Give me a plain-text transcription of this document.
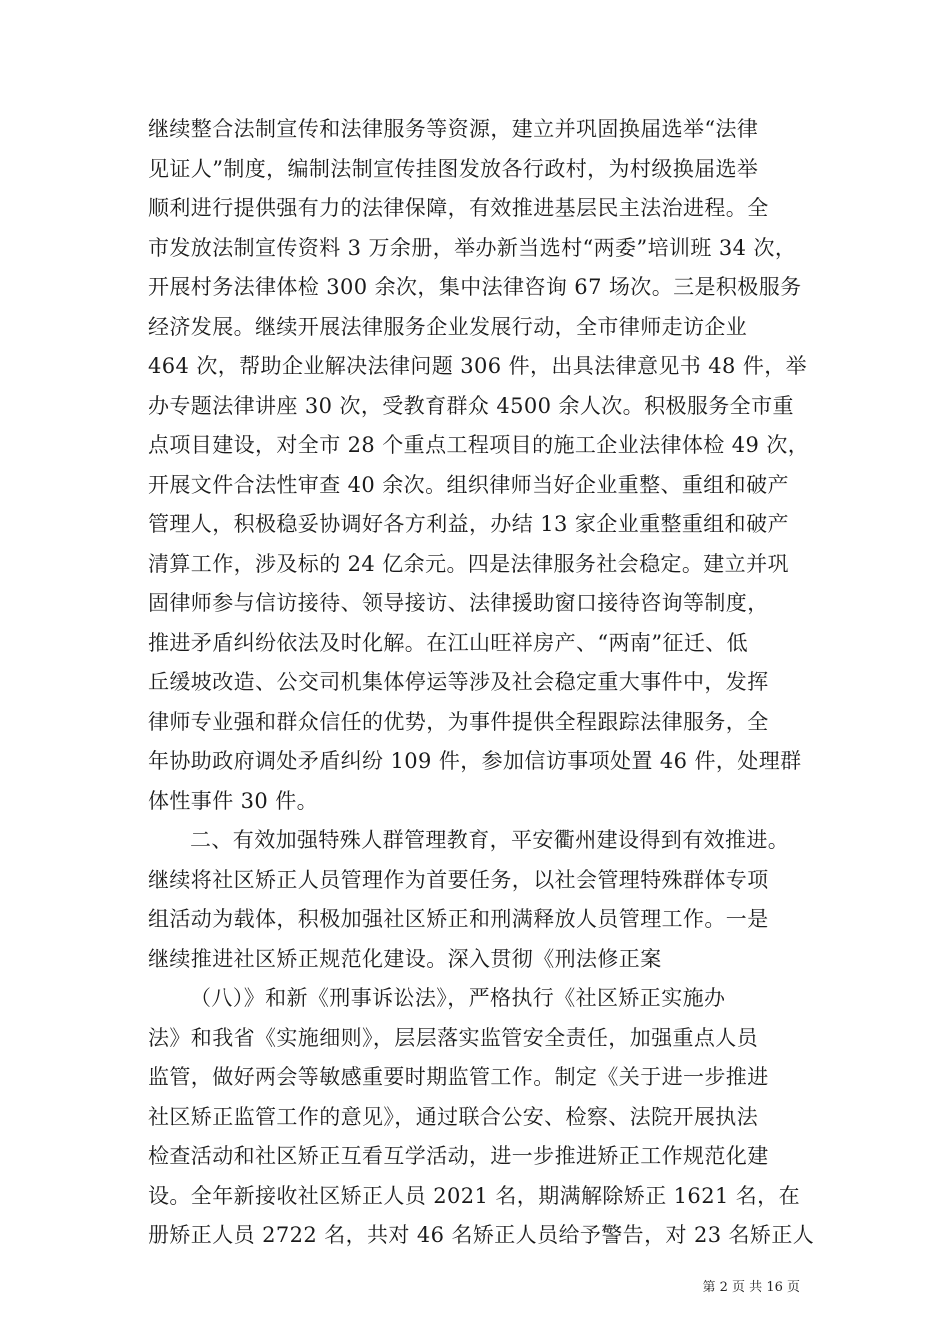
继续整合法制宣传和法律服务等资源，建立并巩固换届选举“法律
见证人”制度，编制法制宣传挂图发放各行政村，为村级换届选举
顺利进行提供强有力的法律保障，有效推进基层民主法治进程。全
市发放法制宣传资料 3 万余册，举办新当选村“两委”培训班 34 次，
开展村务法律体检 300 余次，集中法律咨询 67 场次。三是积极服务
经济发展。继续开展法律服务企业发展行动，全市律师走访企业
464 次，帮助企业解决法律问题 306 件，出具法律意见书 48 件，举
办专题法律讲座 30 次，受教育群众 4500 余人次。积极服务全市重
点项目建设，对全市 28 个重点工程项目的施工企业法律体检 49 次，
开展文件合法性审查 40 余次。组织律师当好企业重整、重组和破产
管理人，积极稳妥协调好各方利益，办结 13 家企业重整重组和破产
清算工作，涉及标的 24 亿余元。四是法律服务社会稳定。建立并巩
固律师参与信访接待、领导接访、法律援助窗口接待咨询等制度，
推进矛盾纠纷依法及时化解。在江山旺祥房产、“两南”征迁、低
丘缓坡改造、公交司机集体停运等涉及社会稳定重大事件中，发挥
律师专业强和群众信任的优势，为事件提供全程跟踪法律服务，全
年协助政府调处矛盾纠纷 109 件，参加信访事项处置 46 件，处理群
体性事件 30 件。
二、有效加强特殊人群管理教育，平安衢州建设得到有效推进。
继续将社区矫正人员管理作为首要任务，以社会管理特殊群体专项
组活动为载体，积极加强社区矫正和刑满释放人员管理工作。一是
继续推进社区矫正规范化建设。深入贯彻《刑法修正案
（八）》和新《刑事诉讼法》，严格执行《社区矫正实施办
法》和我省《实施细则》，层层落实监管安全责任，加强重点人员
监管，做好两会等敏感重要时期监管工作。制定《关于进一步推进
社区矫正监管工作的意见》，通过联合公安、检察、法院开展执法
检查活动和社区矫正互看互学活动，进一步推进矫正工作规范化建
设。全年新接收社区矫正人员 2021 名，期满解除矫正 1621 名，在
册矫正人员 2722 名，共对 46 名矫正人员给予警告，对 23 名矫正人
第 2 页 共 16 页
